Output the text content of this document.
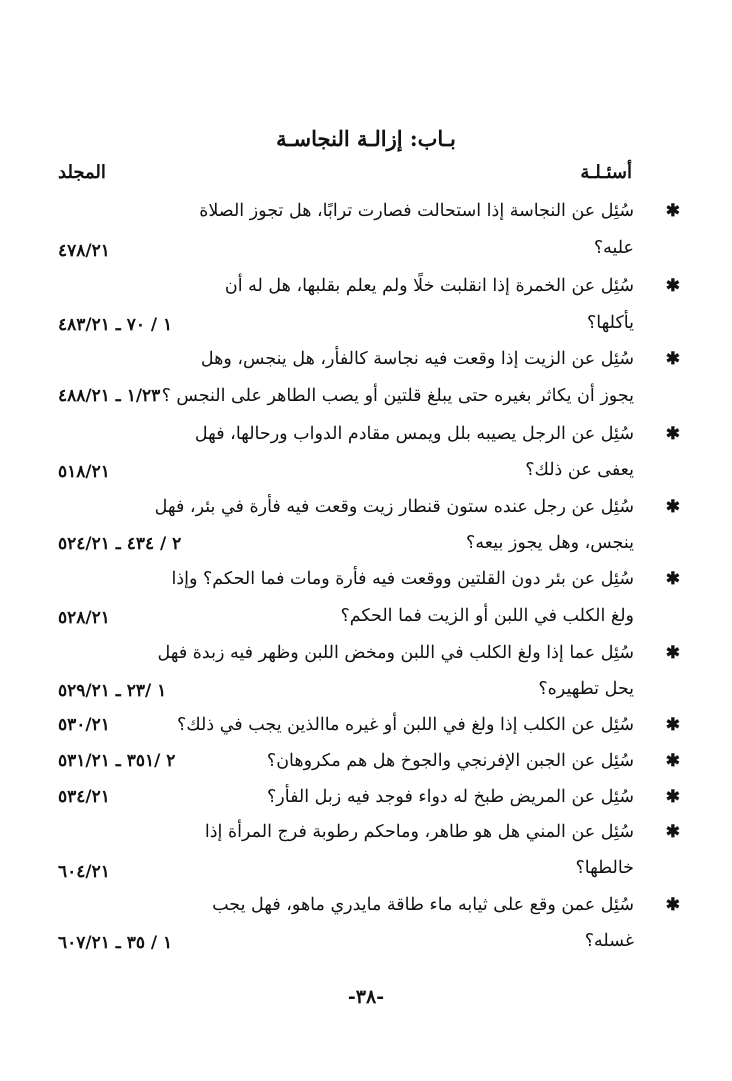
بـاب: إزالـة النجاسـة
أسئـلـة
المجلد
✱
سُئِل عن النجاسة إذا استحالت فصارت ترابًا، هل تجوز الصلاة
عليه؟
٤٧٨/٢١
✱
سُئِل عن الخمرة إذا انقلبت خلًا ولم يعلم بقلبها، هل له أن
يأكلها؟
١ / ٧٠ ـ ٤٨٣/٢١
✱
سُئِل عن الزيت إذا وقعت فيه نجاسة كالفأر، هل ينجس، وهل
يجوز أن يكاثر بغيره حتى يبلغ قلتين أو يصب الطاهر على النجس ؟
١/٢٣ ـ ٤٨٨/٢١
✱
سُئِل عن الرجل يصيبه بلل ويمس مقادم الدواب ورحالها، فهل
يعفى عن ذلك؟
٥١٨/٢١
✱
سُئِل عن رجل عنده ستون قنطار زيت وقعت فيه فأرة في بئر، فهل
ينجس، وهل يجوز بيعه؟
٢ / ٤٣٤ ـ ٥٢٤/٢١
✱
سُئِل عن بئر دون القلتين ووقعت فيه فأرة ومات فما الحكم؟ وإذا
ولغ الكلب في اللبن أو الزيت فما الحكم؟
٥٢٨/٢١
✱
سُئِل عما إذا ولغ الكلب في اللبن ومخض اللبن وظهر فيه زبدة فهل
يحل تطهيره؟
١ /٢٣ ـ ٥٢٩/٢١
✱
سُئِل عن الكلب إذا ولغ في اللبن أو غيره ماالذين يجب في ذلك؟
٥٣٠/٢١
✱
سُئِل عن الجبن الإفرنجي والجوخ هل هم مكروهان؟
٢ /٣٥١ ـ ٥٣١/٢١
✱
سُئِل عن المريض طبخ له دواء فوجد فيه زبل الفأر؟
٥٣٤/٢١
✱
سُئِل عن المني هل هو طاهر، وماحكم رطوبة فرج المرأة إذا
خالطها؟
٦٠٤/٢١
✱
سُئِل عمن وقع على ثيابه ماء طاقة مايدري ماهو، فهل يجب
غسله؟
١ / ٣٥ ـ ٦٠٧/٢١
-٣٨-
